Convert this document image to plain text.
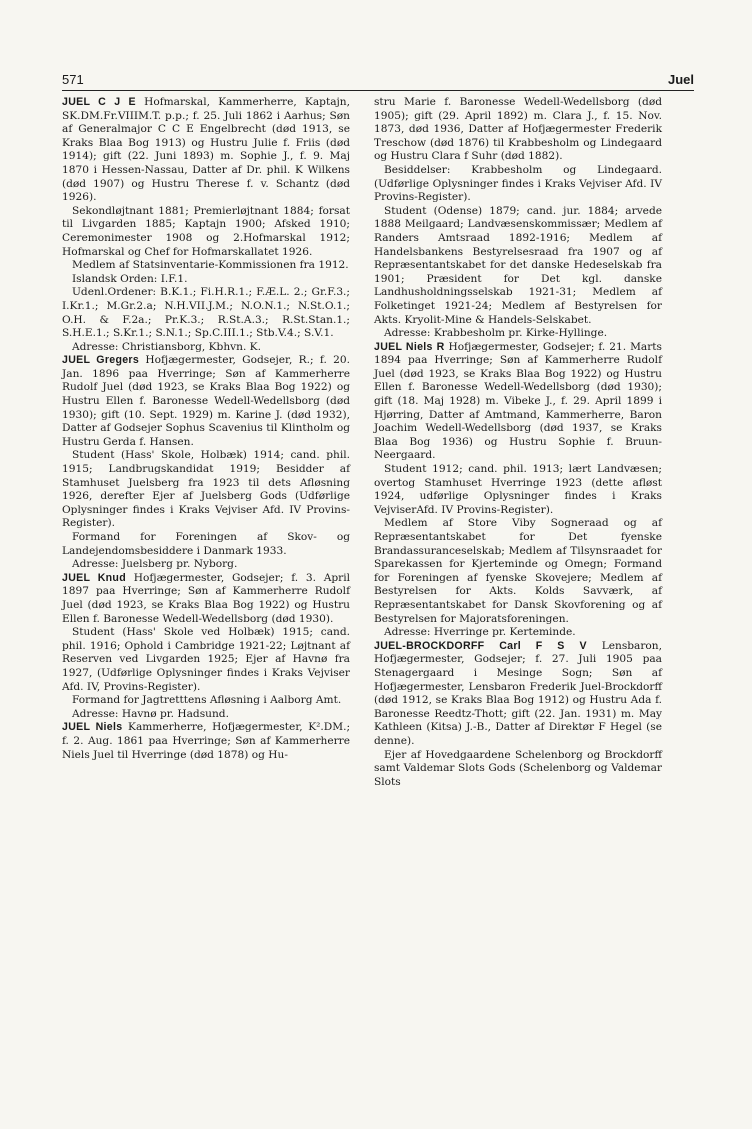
571	Juel

JUEL C J E Hofmarskal, Kammerherre, Kaptajn, SK.DM.Fr.VIIIM.T. p.p.; f. 25. Juli 1862 i Aarhus; Søn af Generalmajor C C E Engelbrecht (død 1913, se Kraks Blaa Bog 1913) og Hustru Julie f. Friis (død 1914); gift (22. Juni 1893) m. Sophie J., f. 9. Maj 1870 i Hessen-Nassau, Datter af Dr. phil. K Wilkens (død 1907) og Hustru Therese f. v. Schantz (død 1926).

Sekondløjtnant 1881; Premierløjtnant 1884; forsat til Livgarden 1885; Kaptajn 1900; Afsked 1910; Ceremonimester 1908 og 2.Hofmarskal 1912; Hofmarskal og Chef for Hofmarskallatet 1926.

Medlem af Statsinventarie-Kommissionen fra 1912.

Islandsk Orden: I.F.1.

Udenl.Ordener: B.K.1.; Fi.H.R.1.; F.Æ.L. 2.; Gr.F.3.; I.Kr.1.; M.Gr.2.a; N.H.VII.J.M.; N.O.N.1.; N.St.O.1.; O.H. & F.2a.; Pr.K.3.; R.St.A.3.; R.St.Stan.1.; S.H.E.1.; S.Kr.1.; S.N.1.; Sp.C.III.1.; Stb.V.4.; S.V.1.

Adresse: Christiansborg, Kbhvn. K.

JUEL Gregers Hofjægermester, Godsejer, R.; f. 20. Jan. 1896 paa Hverringe; Søn af Kammerherre Rudolf Juel (død 1923, se Kraks Blaa Bog 1922) og Hustru Ellen f. Baronesse Wedell-Wedellsborg (død 1930); gift (10. Sept. 1929) m. Karine J. (død 1932), Datter af Godsejer Sophus Scavenius til Klintholm og Hustru Gerda f. Hansen.

Student (Hass' Skole, Holbæk) 1914; cand. phil. 1915; Landbrugskandidat 1919; Besidder af Stamhuset Juelsberg fra 1923 til dets Afløsning 1926, derefter Ejer af Juelsberg Gods (Udførlige Oplysninger findes i Kraks Vejviser Afd. IV Provins-Register).

Formand for Foreningen af Skov- og Landejendomsbesiddere i Danmark 1933.

Adresse: Juelsberg pr. Nyborg.

JUEL Knud Hofjægermester, Godsejer; f. 3. April 1897 paa Hverringe; Søn af Kammerherre Rudolf Juel (død 1923, se Kraks Blaa Bog 1922) og Hustru Ellen f. Baronesse Wedell-Wedellsborg (død 1930).

Student (Hass' Skole ved Holbæk) 1915; cand. phil. 1916; Ophold i Cambridge 1921-22; Løjtnant af Reserven ved Livgarden 1925; Ejer af Havnø fra 1927, (Udførlige Oplysninger findes i Kraks Vejviser Afd. IV, Provins-Register).

Formand for Jagtretttens Afløsning i Aalborg Amt.

Adresse: Havnø pr. Hadsund.

JUEL Niels Kammerherre, Hofjægermester, K².DM.; f. 2. Aug. 1861 paa Hverringe; Søn af Kammerherre Niels Juel til Hverringe (død 1878) og Hu-

stru Marie f. Baronesse Wedell-Wedellsborg (død 1905); gift (29. April 1892) m. Clara J., f. 15. Nov. 1873, død 1936, Datter af Hofjægermester Frederik Treschow (død 1876) til Krabbesholm og Lindegaard og Hustru Clara f Suhr (død 1882).

Besiddelser: Krabbesholm og Lindegaard. (Udførlige Oplysninger findes i Kraks Vejviser Afd. IV Provins-Register).

Student (Odense) 1879; cand. jur. 1884; arvede 1888 Meilgaard; Landvæsenskommissær; Medlem af Randers Amtsraad 1892-1916; Medlem af Handelsbankens Bestyrelsesraad fra 1907 og af Repræsentantskabet for det danske Hedeselskab fra 1901; Præsident for Det kgl. danske Landhusholdningsselskab 1921-31; Medlem af Folketinget 1921-24; Medlem af Bestyrelsen for Akts. Kryolit-Mine & Handels-Selskabet.

Adresse: Krabbesholm pr. Kirke-Hyllinge.

JUEL Niels R Hofjægermester, Godsejer; f. 21. Marts 1894 paa Hverringe; Søn af Kammerherre Rudolf Juel (død 1923, se Kraks Blaa Bog 1922) og Hustru Ellen f. Baronesse Wedell-Wedellsborg (død 1930); gift (18. Maj 1928) m. Vibeke J., f. 29. April 1899 i Hjørring, Datter af Amtmand, Kammerherre, Baron Joachim Wedell-Wedellsborg (død 1937, se Kraks Blaa Bog 1936) og Hustru Sophie f. Bruun-Neergaard.

Student 1912; cand. phil. 1913; lært Landvæsen; overtog Stamhuset Hverringe 1923 (dette afløst 1924, udførlige Oplysninger findes i Kraks VejviserAfd. IV Provins-Register).

Medlem af Store Viby Sogneraad og af Repræsentantskabet for Det fyenske Brandassuranceselskab; Medlem af Tilsynsraadet for Sparekassen for Kjerteminde og Omegn; Formand for Foreningen af fyenske Skovejere; Medlem af Bestyrelsen for Akts. Kolds Savværk, af Repræsentantskabet for Dansk Skovforening og af Bestyrelsen for Majoratsforeningen.

Adresse: Hverringe pr. Kerteminde.

JUEL-BROCKDORFF Carl F S V Lensbaron, Hofjægermester, Godsejer; f. 27. Juli 1905 paa Stenagergaard i Mesinge Sogn; Søn af Hofjægermester, Lensbaron Frederik Juel-Brockdorff (død 1912, se Kraks Blaa Bog 1912) og Hustru Ada f. Baronesse Reedtz-Thott; gift (22. Jan. 1931) m. May Kathleen (Kitsa) J.-B., Datter af Direktør F Hegel (se denne).

Ejer af Hovedgaardene Schelenborg og Brockdorff samt Valdemar Slots Gods (Schelenborg og Valdemar Slots
